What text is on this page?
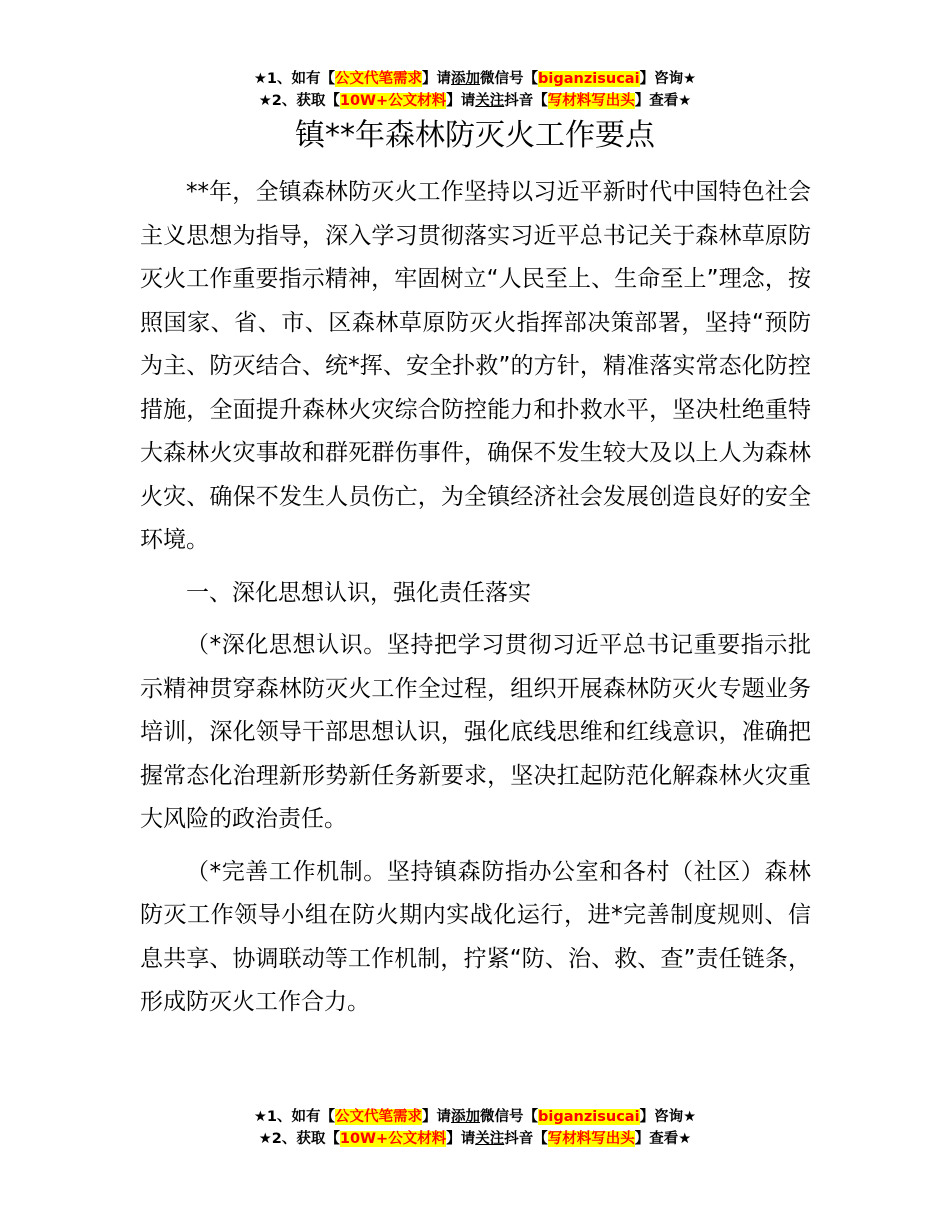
★1、如有【公文代笔需求】请添加微信号【biganzisucai】咨询★
★2、获取【10W+公文材料】请关注抖音【写材料写出头】查看★
镇**年森林防灭火工作要点

**年，全镇森林防灭火工作坚持以习近平新时代中国特色社会主义思想为指导，深入学习贯彻落实习近平总书记关于森林草原防灭火工作重要指示精神，牢固树立“人民至上、生命至上”理念，按照国家、省、市、区森林草原防灭火指挥部决策部署，坚持“预防为主、防灭结合、统*挥、安全扑救”的方针，精准落实常态化防控措施，全面提升森林火灾综合防控能力和扑救水平，坚决杜绝重特大森林火灾事故和群死群伤事件，确保不发生较大及以上人为森林火灾、确保不发生人员伤亡，为全镇经济社会发展创造良好的安全环境。

一、深化思想认识，强化责任落实

（*深化思想认识。坚持把学习贯彻习近平总书记重要指示批示精神贯穿森林防灭火工作全过程，组织开展森林防灭火专题业务培训，深化领导干部思想认识，强化底线思维和红线意识，准确把握常态化治理新形势新任务新要求，坚决扛起防范化解森林火灾重大风险的政治责任。

（*完善工作机制。坚持镇森防指办公室和各村（社区）森林防灭工作领导小组在防火期内实战化运行，进*完善制度规则、信息共享、协调联动等工作机制，拧紧“防、治、救、查”责任链条，形成防灭火工作合力。

★1、如有【公文代笔需求】请添加微信号【biganzisucai】咨询★
★2、获取【10W+公文材料】请关注抖音【写材料写出头】查看★
